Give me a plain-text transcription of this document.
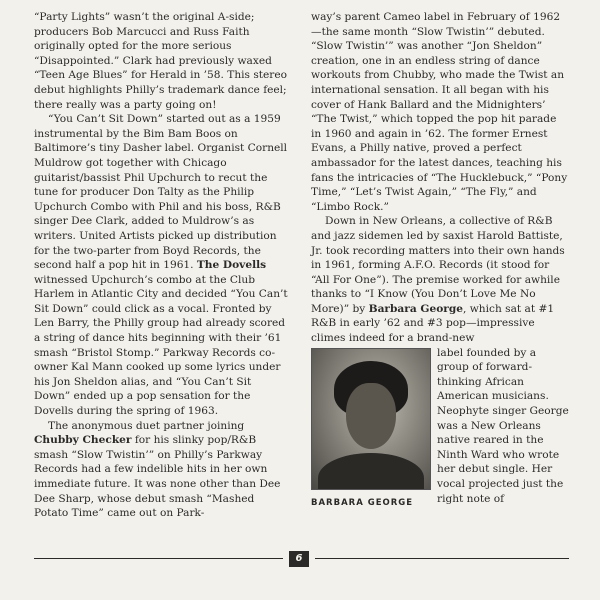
“Party Lights” wasn’t the original A-side; producers Bob Marcucci and Russ Faith originally opted for the more serious “Disappointed.” Clark had previously waxed “Teen Age Blues” for Herald in ’58. This stereo debut highlights Philly’s trademark dance feel; there really was a party going on!

“You Can’t Sit Down” started out as a 1959 instrumental by the Bim Bam Boos on Baltimore’s tiny Dasher label. Organist Cornell Muldrow got together with Chicago guitarist/bassist Phil Upchurch to recut the tune for producer Don Talty as the Philip Upchurch Combo with Phil and his boss, R&B singer Dee Clark, added to Muldrow’s as writers. United Artists picked up distribution for the two-parter from Boyd Records, the second half a pop hit in 1961. The Dovells witnessed Upchurch’s combo at the Club Harlem in Atlantic City and decided “You Can’t Sit Down” could click as a vocal. Fronted by Len Barry, the Philly group had already scored a string of dance hits beginning with their ’61 smash “Bristol Stomp.” Parkway Records co-owner Kal Mann cooked up some lyrics under his Jon Sheldon alias, and “You Can’t Sit Down” ended up a pop sensation for the Dovells during the spring of 1963.

The anonymous duet partner joining Chubby Checker for his slinky pop/R&B smash “Slow Twistin’” on Philly’s Parkway Records had a few indelible hits in her own immediate future. It was none other than Dee Dee Sharp, whose debut smash “Mashed Potato Time” came out on Park-

way’s parent Cameo label in February of 1962—the same month “Slow Twistin’” debuted. “Slow Twistin’” was another “Jon Sheldon” creation, one in an endless string of dance workouts from Chubby, who made the Twist an international sensation. It all began with his cover of Hank Ballard and the Midnighters’ “The Twist,” which topped the pop hit parade in 1960 and again in ’62. The former Ernest Evans, a Philly native, proved a perfect ambassador for the latest dances, teaching his fans the intricacies of “The Hucklebuck,” “Pony Time,” “Let’s Twist Again,” “The Fly,” and “Limbo Rock.”

Down in New Orleans, a collective of R&B and jazz sidemen led by saxist Harold Battiste, Jr. took recording matters into their own hands in 1961, forming A.F.O. Records (it stood for “All For One”). The premise worked for awhile thanks to “I Know (You Don’t Love Me No More)” by Barbara George, which sat at #1 R&B in early ’62 and #3 pop—impressive climes indeed for a brand-new

BARBARA GEORGE
label founded by a group of forward-thinking African American musicians. Neophyte singer George was a New Orleans native reared in the Ninth Ward who wrote her debut single. Her vocal projected just the right note of
6
